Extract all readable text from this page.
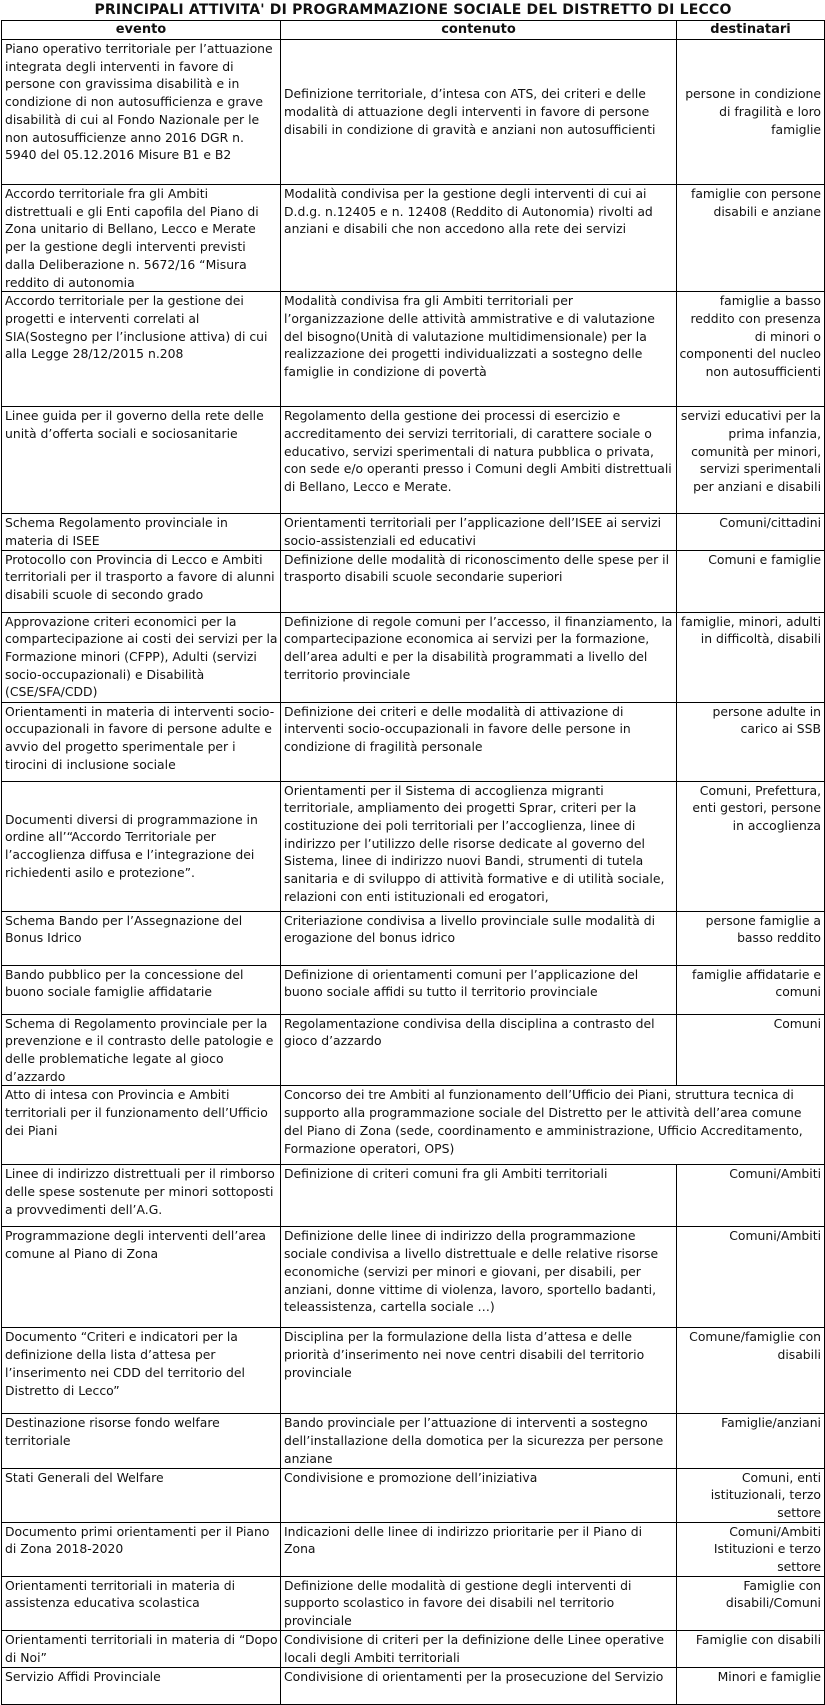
PRINCIPALI ATTIVITA' DI PROGRAMMAZIONE SOCIALE DEL DISTRETTO DI LECCO		
evento	contenuto	destinatari
Piano operativo territoriale per l’attuazione integrata degli interventi in favore di persone con gravissima disabilità e in condizione di non autosufficienza e grave disabilità di cui al Fondo Nazionale per le non autosufficienze anno 2016 DGR n. 5940 del 05.12.2016 Misure B1 e B2	Definizione territoriale, d’intesa con ATS, dei criteri e delle modalità di attuazione degli interventi in favore di persone disabili in condizione di gravità e anziani non autosufficienti	persone in condizione di fragilità e loro famiglie
Accordo territoriale fra gli Ambiti distrettuali e gli Enti capofila del Piano di Zona unitario di Bellano, Lecco e Merate per la gestione degli interventi previsti dalla Deliberazione n. 5672/16 “Misura reddito di autonomia	Modalità condivisa per la gestione degli interventi di cui ai D.d.g. n.12405 e n. 12408 (Reddito di Autonomia) rivolti ad anziani e disabili che non accedono alla rete dei servizi	famiglie con persone disabili e anziane
Accordo territoriale per la gestione dei progetti e interventi correlati al SIA(Sostegno per l’inclusione attiva) di cui alla Legge 28/12/2015 n.208	Modalità condivisa fra gli Ambiti territoriali per l’organizzazione delle attività ammistrative e di valutazione del bisogno(Unità di valutazione multidimensionale) per la realizzazione dei progetti individualizzati a sostegno delle famiglie in condizione di povertà	famiglie a basso reddito con presenza di minori o componenti del nucleo non autosufficienti
Linee guida per il governo della rete delle unità d’offerta sociali e sociosanitarie	Regolamento della gestione dei processi di esercizio e accreditamento dei servizi territoriali, di carattere sociale o educativo, servizi sperimentali di natura pubblica o privata, con sede e/o operanti presso i Comuni degli Ambiti distrettuali di Bellano, Lecco e Merate.	servizi educativi per la prima infanzia, comunità per minori, servizi sperimentali per anziani e disabili
Schema Regolamento provinciale in materia di ISEE	Orientamenti territoriali per l’applicazione dell’ISEE ai servizi socio-assistenziali ed educativi	Comuni/cittadini
Protocollo con Provincia di Lecco e Ambiti territoriali per il trasporto a favore di alunni disabili scuole di secondo grado	Definizione delle modalità di riconoscimento delle spese per il trasporto disabili scuole secondarie superiori	Comuni e famiglie
Approvazione criteri economici per la compartecipazione ai costi dei servizi per la Formazione minori (CFPP), Adulti (servizi socio-occupazionali) e Disabilità (CSE/SFA/CDD)	Definizione di regole comuni per l’accesso, il finanziamento, la compartecipazione economica ai servizi per la formazione, dell’area adulti e per la disabilità programmati a livello del territorio provinciale	famiglie, minori, adulti in difficoltà, disabili
Orientamenti in materia di interventi socio-occupazionali in favore di persone adulte e avvio del progetto sperimentale per i tirocini di inclusione sociale	Definizione dei criteri e delle modalità di attivazione di interventi socio-occupazionali in favore delle persone in condizione di fragilità personale	persone adulte in carico ai SSB
Documenti diversi di programmazione in ordine all’“Accordo Territoriale per l’accoglienza diffusa e l’integrazione dei richiedenti asilo e protezione”.	Orientamenti per il Sistema di accoglienza migranti territoriale, ampliamento dei progetti Sprar, criteri per la costituzione dei poli territoriali per l’accoglienza, linee di indirizzo per l’utilizzo delle risorse dedicate al governo del Sistema, linee di indirizzo nuovi Bandi, strumenti di tutela sanitaria e di sviluppo di attività formative e di utilità sociale, relazioni con enti istituzionali ed erogatori,	Comuni, Prefettura, enti gestori, persone in accoglienza
Schema Bando per l’Assegnazione del Bonus Idrico	Criteriazione condivisa a livello provinciale sulle modalità di erogazione del bonus idrico	persone famiglie a basso reddito
Bando pubblico per la concessione del buono sociale famiglie affidatarie	Definizione di orientamenti comuni per l’applicazione del buono sociale affidi su tutto il territorio provinciale	famiglie affidatarie e comuni
Schema di Regolamento provinciale per la prevenzione e il contrasto delle patologie e delle problematiche legate al gioco d’azzardo	Regolamentazione condivisa della disciplina a contrasto del gioco d’azzardo	Comuni
Atto di intesa con Provincia e Ambiti territoriali per il funzionamento dell’Ufficio dei Piani	Concorso dei tre Ambiti al funzionamento dell’Ufficio dei Piani, struttura tecnica di supporto alla programmazione sociale del Distretto per le attività dell’area comune del Piano di Zona (sede, coordinamento e amministrazione, Ufficio Accreditamento, Formazione operatori, OPS)	
Linee di indirizzo distrettuali per il rimborso delle spese sostenute per minori sottoposti a provvedimenti dell’A.G.	Definizione di criteri comuni fra gli Ambiti territoriali	Comuni/Ambiti
Programmazione degli interventi dell’area comune al Piano di Zona	Definizione delle linee di indirizzo della programmazione sociale condivisa a livello distrettuale e delle relative risorse economiche (servizi per minori e giovani, per disabili, per anziani, donne vittime di violenza, lavoro, sportello badanti, teleassistenza, cartella sociale …)	Comuni/Ambiti
Documento “Criteri e indicatori per la definizione della lista d’attesa per l’inserimento nei CDD del territorio del Distretto di Lecco”	Disciplina per la formulazione della lista d’attesa e delle priorità d’inserimento nei nove centri disabili del territorio provinciale	Comune/famiglie con disabili
Destinazione risorse fondo welfare territoriale	Bando provinciale per l’attuazione di interventi a sostegno dell’installazione della domotica per la sicurezza per persone anziane	Famiglie/anziani
Stati Generali del Welfare	Condivisione e promozione dell’iniziativa	Comuni, enti istituzionali, terzo settore
Documento primi orientamenti per il Piano di Zona 2018-2020	Indicazioni delle linee di indirizzo prioritarie per il Piano di Zona	Comuni/Ambiti Istituzioni e terzo settore
Orientamenti territoriali in materia di assistenza educativa scolastica	Definizione delle modalità di gestione degli interventi di supporto scolastico in favore dei disabili nel territorio provinciale	Famiglie con disabili/Comuni
Orientamenti territoriali in materia di “Dopo di Noi”	Condivisione di criteri per la definizione delle Linee operative locali degli Ambiti territoriali	Famiglie con disabili
Servizio Affidi Provinciale	Condivisione di orientamenti per la prosecuzione del Servizio	Minori e famiglie
